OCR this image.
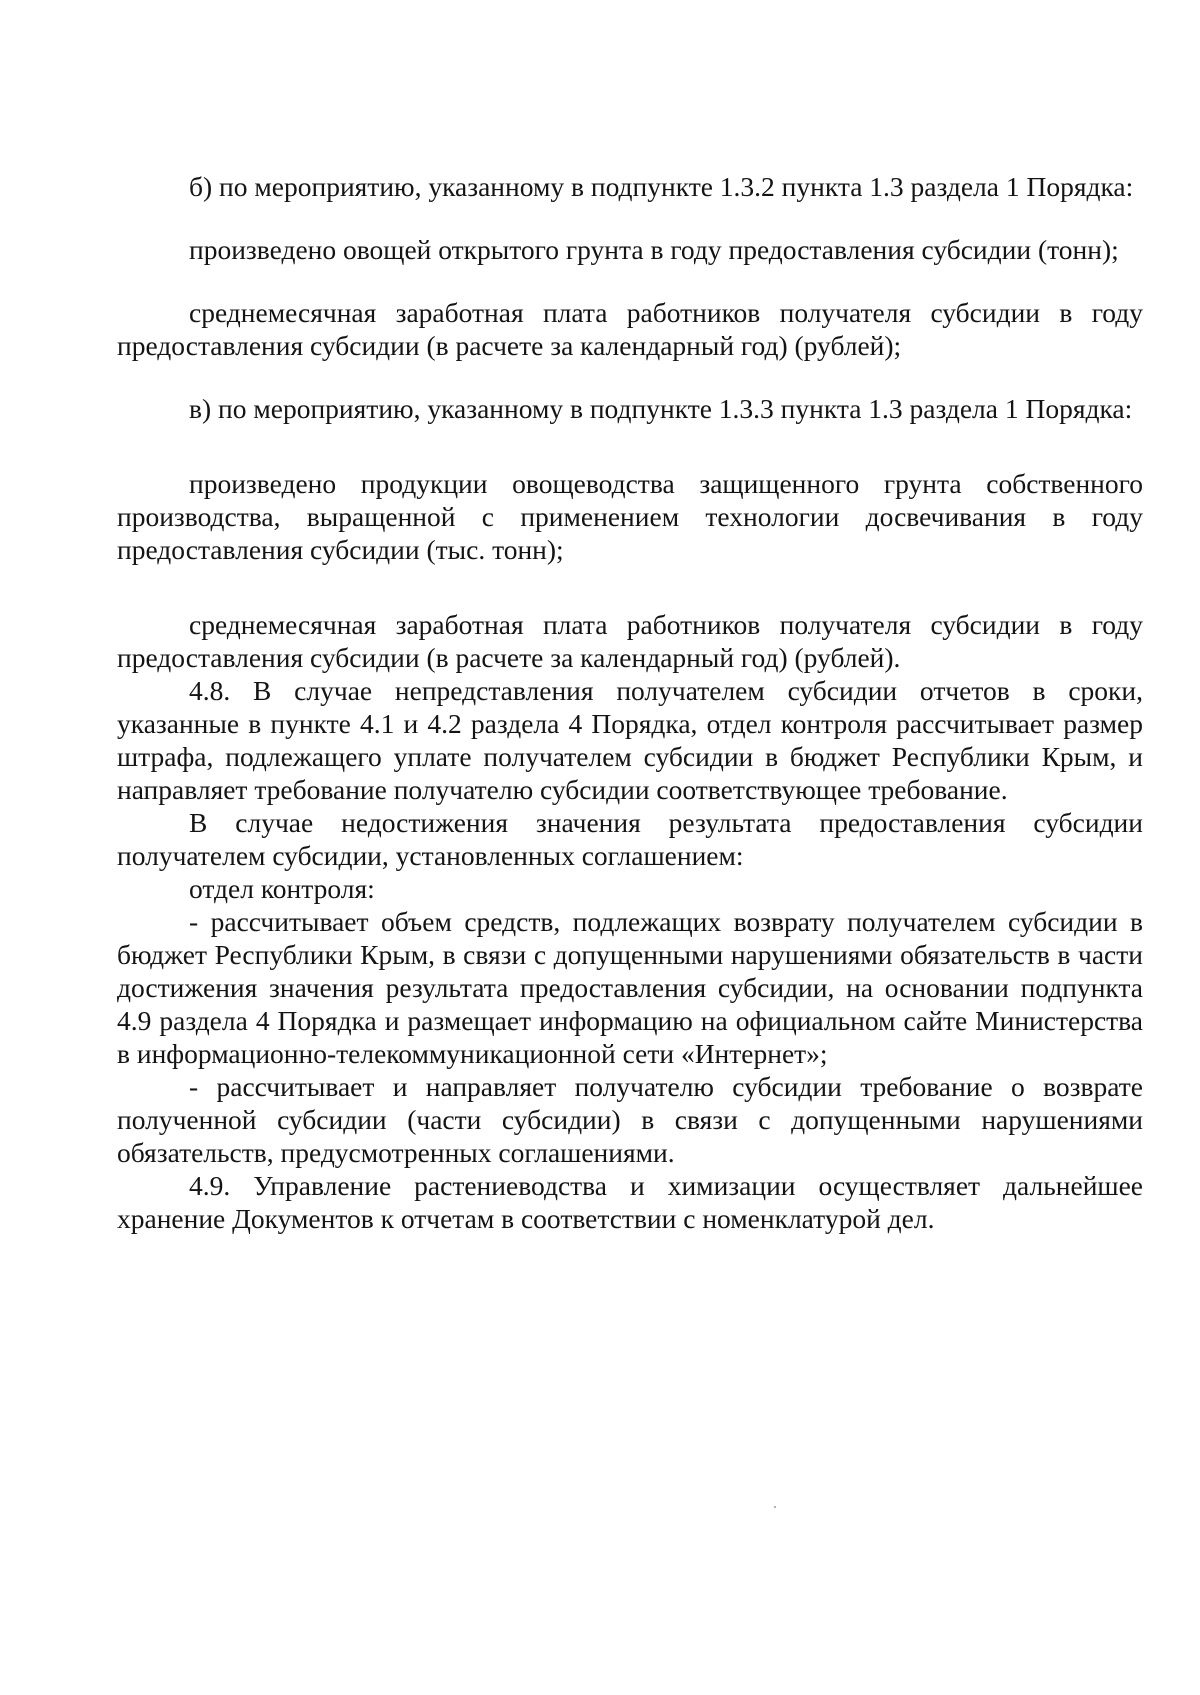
б) по мероприятию, указанному в подпункте 1.3.2 пункта 1.3 раздела 1 Порядка:

произведено овощей открытого грунта в году предоставления субсидии (тонн);

среднемесячная заработная плата работников получателя субсидии в году предоставления субсидии (в расчете за календарный год) (рублей);

в) по мероприятию, указанному в подпункте 1.3.3 пункта 1.3 раздела 1 Порядка:

произведено продукции овощеводства защищенного грунта собственного производства, выращенной с применением технологии досвечивания в году предоставления субсидии (тыс. тонн);

среднемесячная заработная плата работников получателя субсидии в году предоставления субсидии (в расчете за календарный год) (рублей).

4.8. В случае непредставления получателем субсидии отчетов в сроки, указанные в пункте 4.1 и 4.2 раздела 4 Порядка, отдел контроля рассчитывает размер штрафа, подлежащего уплате получателем субсидии в бюджет Республики Крым, и направляет требование получателю субсидии соответствующее требование.

В случае недостижения значения результата предоставления субсидии получателем субсидии, установленных соглашением:

отдел контроля:

- рассчитывает объем средств, подлежащих возврату получателем субсидии в бюджет Республики Крым, в связи с допущенными нарушениями обязательств в части достижения значения результата предоставления субсидии, на основании подпункта 4.9 раздела 4 Порядка и размещает информацию на официальном сайте Министерства в информационно-телекоммуникационной сети «Интернет»;

- рассчитывает и направляет получателю субсидии требование о возврате полученной субсидии (части субсидии) в связи с допущенными нарушениями обязательств, предусмотренных соглашениями.

4.9. Управление растениеводства и химизации осуществляет дальнейшее хранение Документов к отчетам в соответствии с номенклатурой дел.
